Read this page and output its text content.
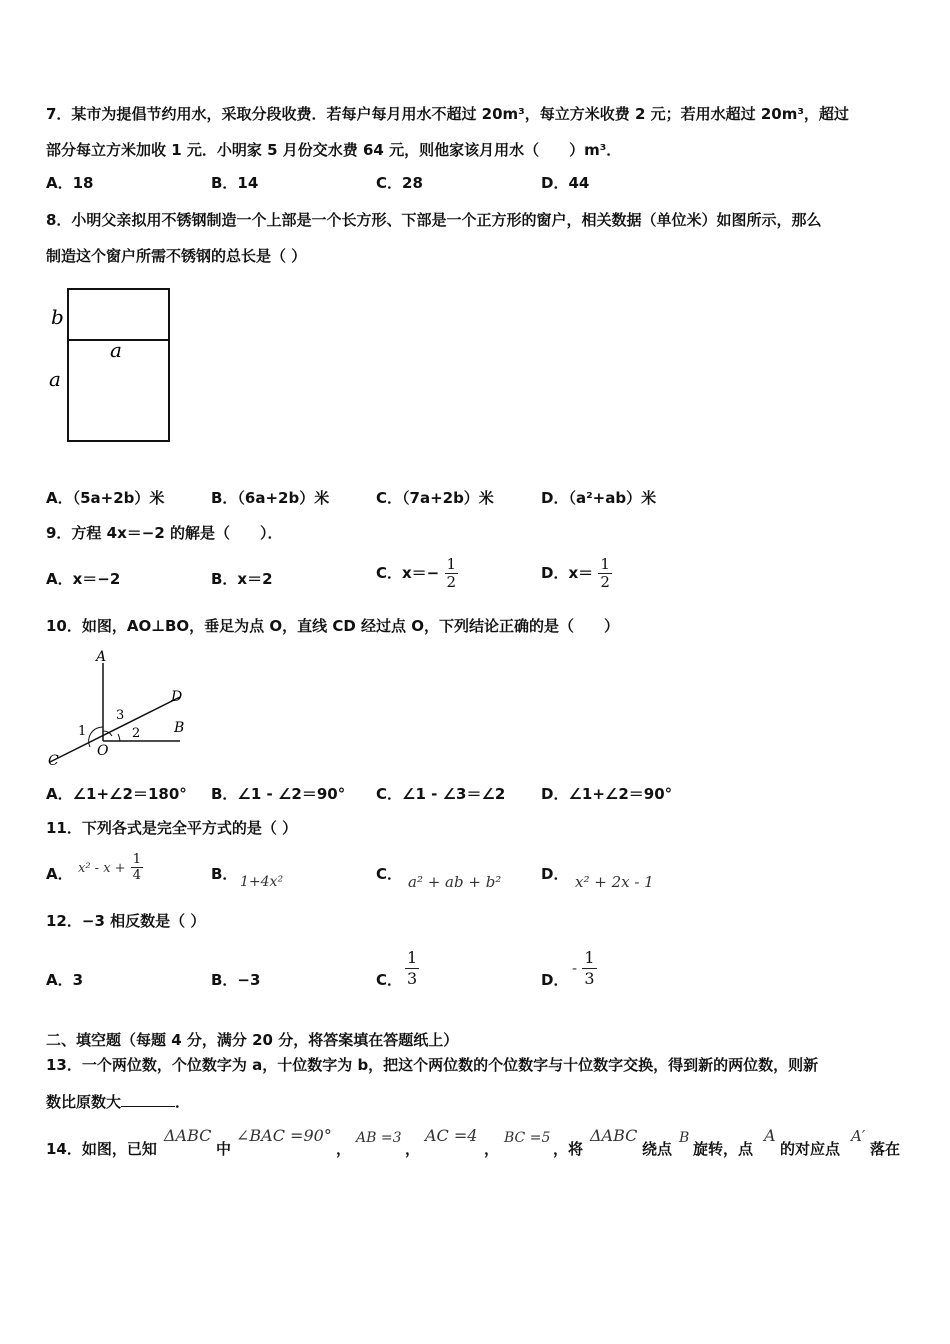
7．某市为提倡节约用水，采取分段收费．若每户每月用水不超过 20m³，每立方米收费 2 元；若用水超过 20m³，超过
部分每立方米加收 1 元．小明家 5 月份交水费 64 元，则他家该月用水（　　）m³．
A．18	B．14	C．28	D．44
8．小明父亲拟用不锈钢制造一个上部是一个长方形、下部是一个正方形的窗户，相关数据（单位米）如图所示，那么
制造这个窗户所需不锈钢的总长是（ ）
b
a
a
A．（5a+2b）米	B．（6a+2b）米	C．（7a+2b）米	D．（a²+ab）米
9．方程 4x＝−2 的解是（　　）．
A．x＝−2	B．x＝2	C．$x=- \frac{1}{2}$	D．$x= \frac{1}{2}$
10．如图，AO⊥BO，垂足为点 O，直线 CD 经过点 O，下列结论正确的是（　　）
A
D
B
C
O
1	2
3
A．∠1+∠2＝180° B．∠1 - ∠2＝90° C．∠1 - ∠3＝∠2 D．∠1+∠2＝90°
11．下列各式是完全平方式的是（ ）
A． $x^2 - x + \frac{1}{4}$	B． 1+4x²	C． a² + ab + b²	D． x² + 2x - 1
12．−3 相反数是（ ）
A．3	B．−3	C． $\frac{1}{3}$	D．
- $\frac{1}{3}$
二、填空题（每题 4 分，满分 20 分，将答案填在答题纸上）
13．一个两位数，个位数字为 a，十位数字为 b，把这个两位数的个位数字与十位数字交换，得到新的两位数，则新
数比原数大	．
14．如图，已知
ΔABC
中
∠BAC =90°
，
AB =3
，
AC =4
，
BC =5
，将
ΔABC
绕点
B
旋转，点
A
的对应点
A′
落在
